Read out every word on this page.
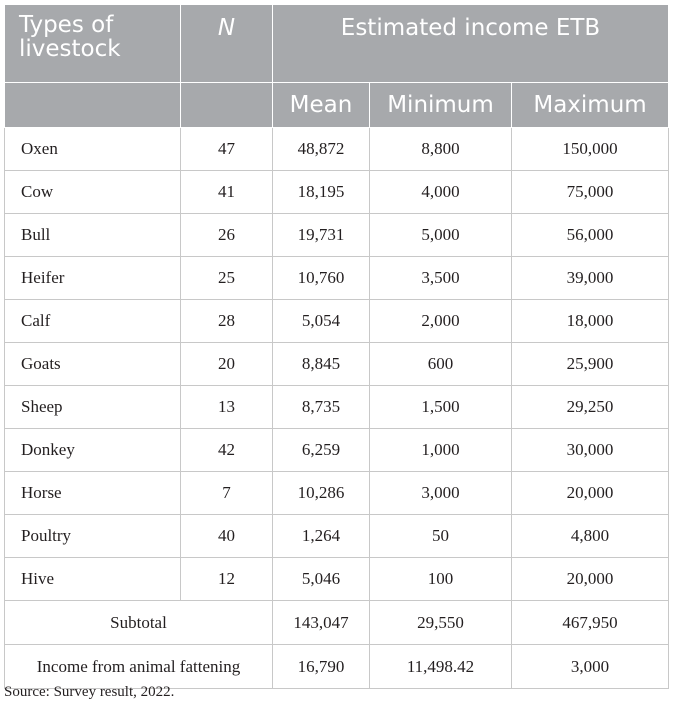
Types of livestock	N	Estimated income ETB		
		Mean	Minimum	Maximum
Oxen	47	48,872	8,800	150,000
Cow	41	18,195	4,000	75,000
Bull	26	19,731	5,000	56,000
Heifer	25	10,760	3,500	39,000
Calf	28	5,054	2,000	18,000
Goats	20	8,845	600	25,900
Sheep	13	8,735	1,500	29,250
Donkey	42	6,259	1,000	30,000
Horse	7	10,286	3,000	20,000
Poultry	40	1,264	50	4,800
Hive	12	5,046	100	20,000
Subtotal		143,047	29,550	467,950
Income from animal fattening		16,790	11,498.42	3,000
Source: Survey result, 2022.
